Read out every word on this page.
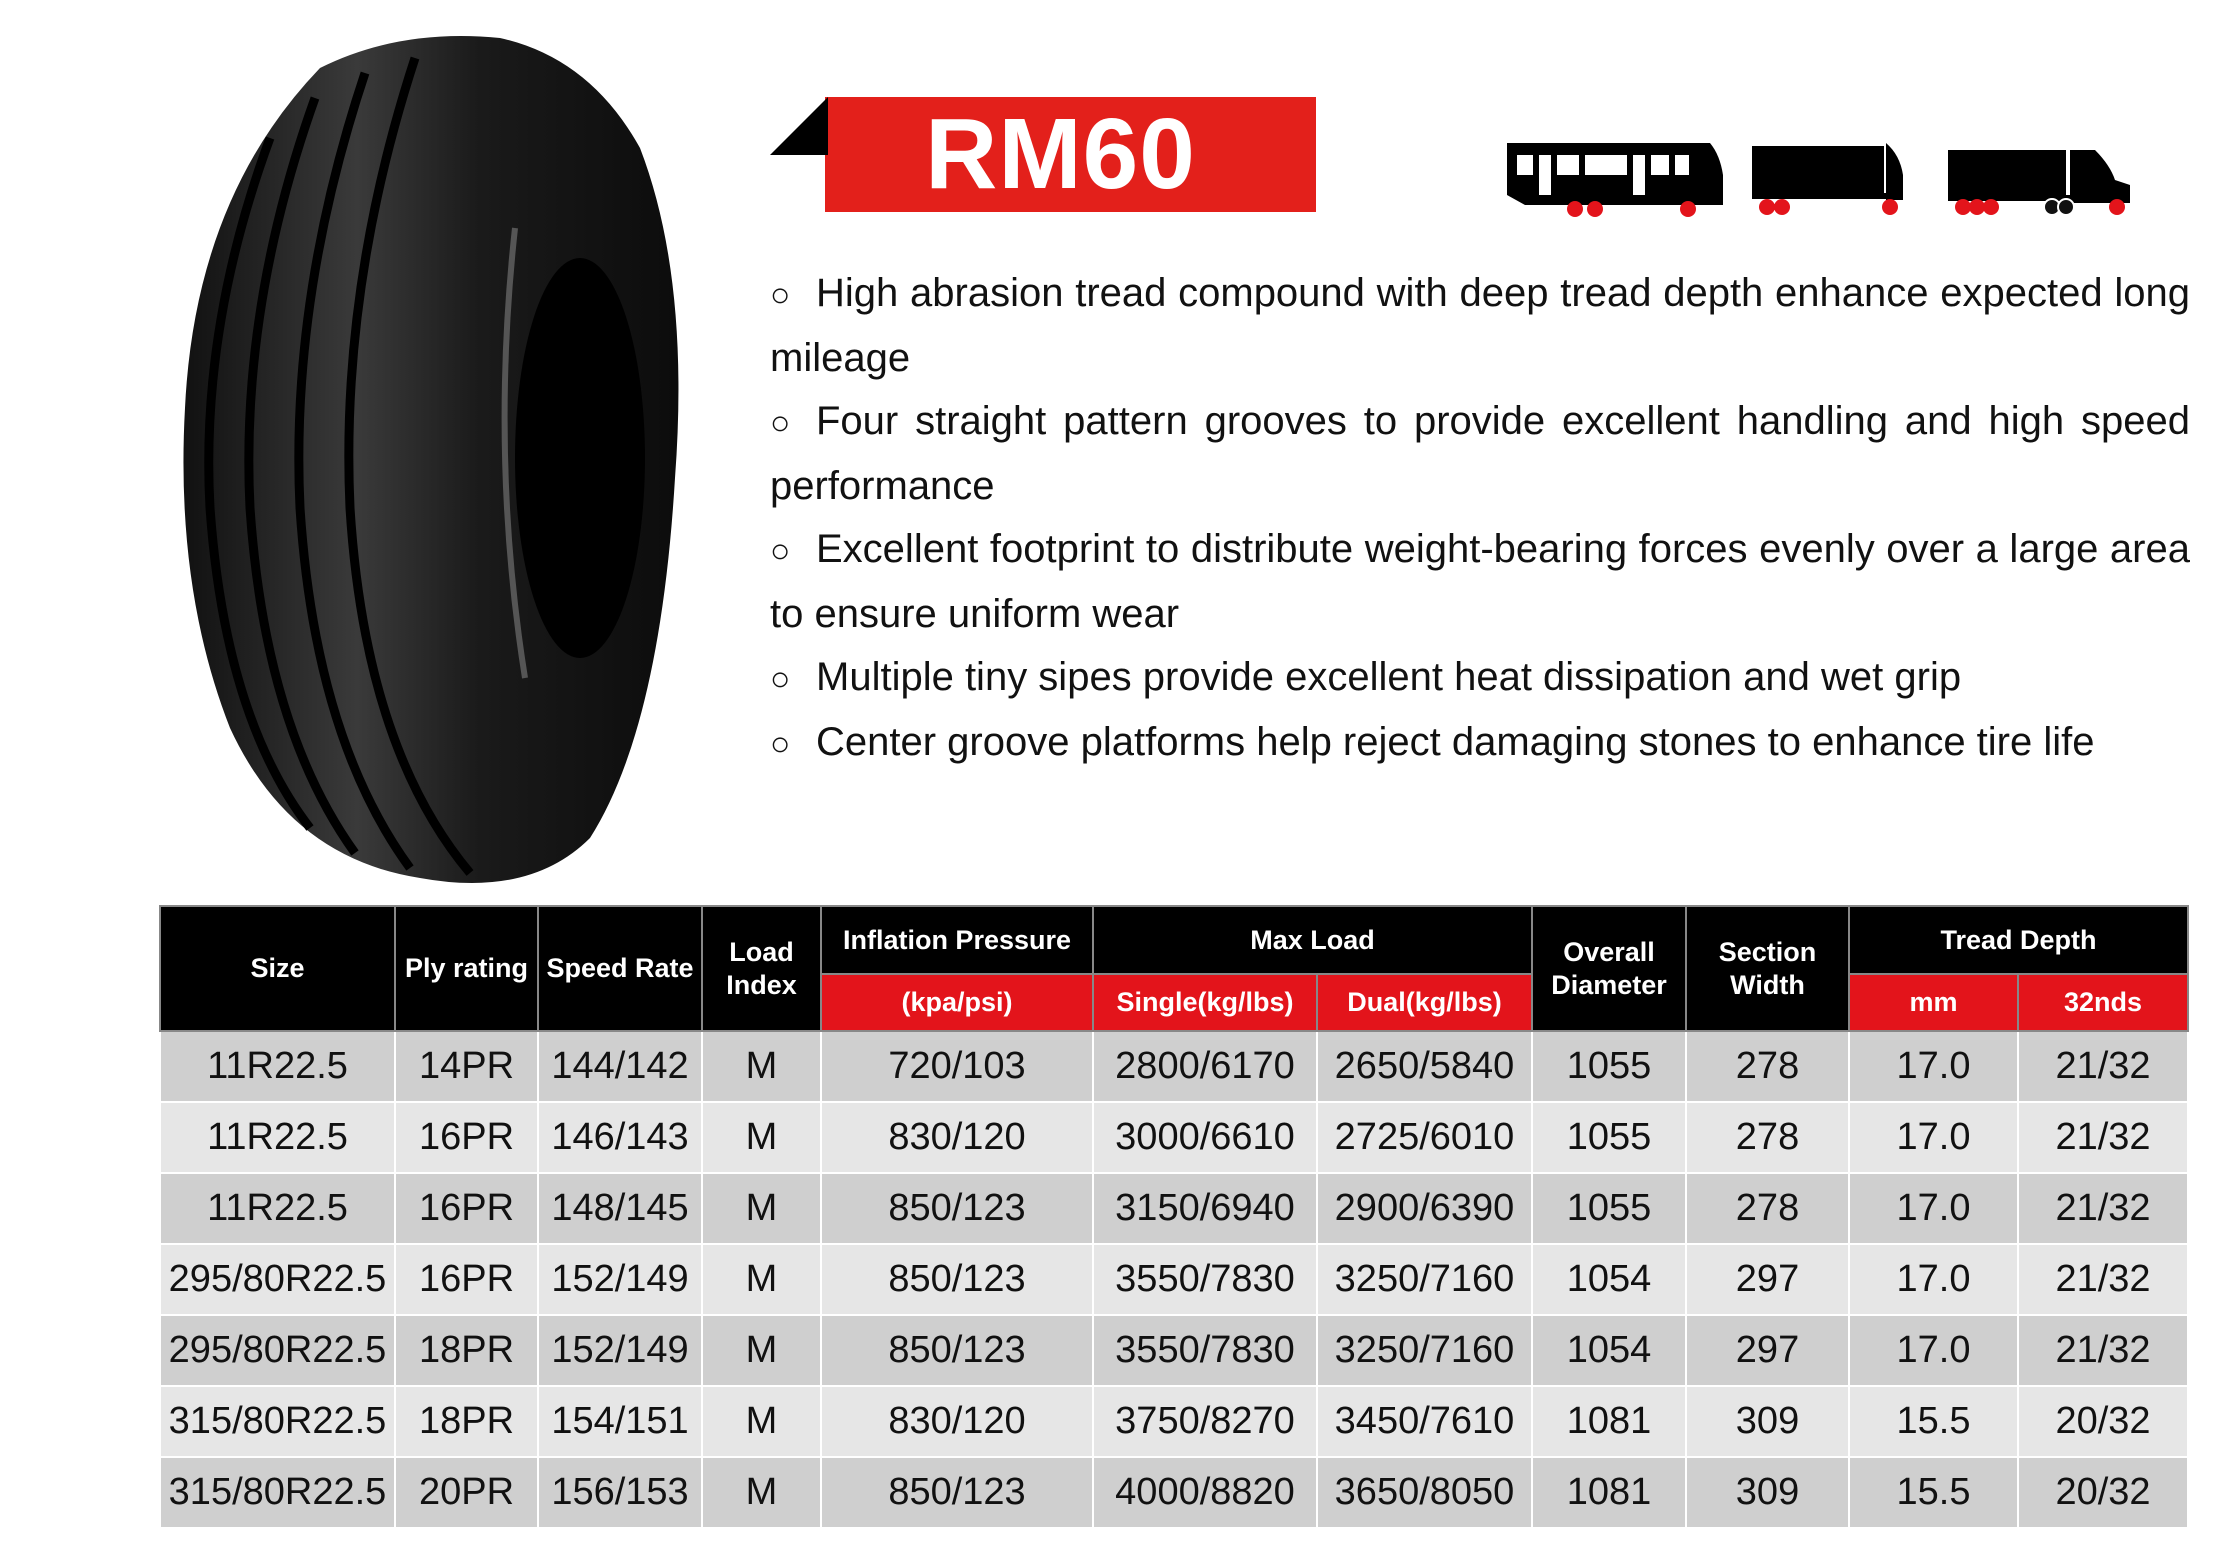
RM60
○ High abrasion tread compound with deep tread depth enhance expected long mileage
○ Four straight pattern grooves to provide excellent handling and high speed performance
○ Excellent footprint to distribute weight-bearing forces evenly over a large area to ensure uniform wear
○ Multiple tiny sipes provide excellent heat dissipation and wet grip
○ Center groove platforms help reject damaging stones to enhance tire life
Size	Ply rating	Speed Rate	Load Index	Inflation Pressure	Max Load		Overall Diameter	Section Width	Tread Depth	
				(kpa/psi)	Single(kg/lbs)	Dual(kg/lbs)			mm	32nds
11R22.5	14PR	144/142	M	720/103	2800/6170	2650/5840	1055	278	17.0	21/32
11R22.5	16PR	146/143	M	830/120	3000/6610	2725/6010	1055	278	17.0	21/32
11R22.5	16PR	148/145	M	850/123	3150/6940	2900/6390	1055	278	17.0	21/32
295/80R22.5	16PR	152/149	M	850/123	3550/7830	3250/7160	1054	297	17.0	21/32
295/80R22.5	18PR	152/149	M	850/123	3550/7830	3250/7160	1054	297	17.0	21/32
315/80R22.5	18PR	154/151	M	830/120	3750/8270	3450/7610	1081	309	15.5	20/32
315/80R22.5	20PR	156/153	M	850/123	4000/8820	3650/8050	1081	309	15.5	20/32
